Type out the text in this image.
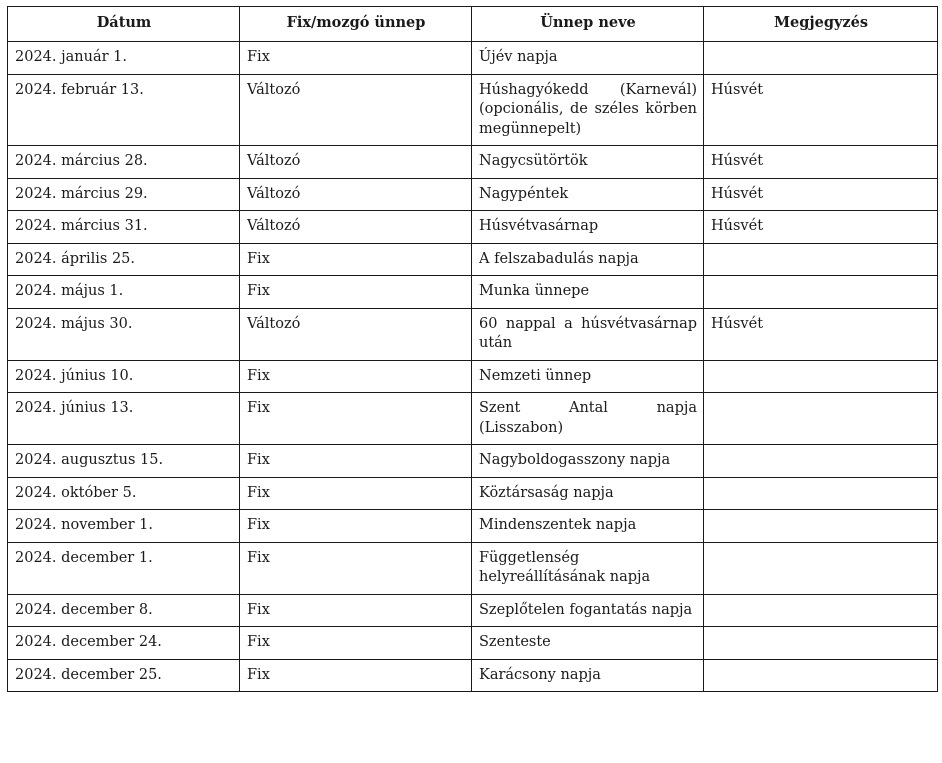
Dátum	Fix/mozgó ünnep	Ünnep neve	Megjegyzés
2024. január 1.	Fix	Újév napja	
2024. február 13.	Változó	Húshagyókedd (Karnevál) (opcionális, de széles körben megünnepelt)	Húsvét
2024. március 28.	Változó	Nagycsütörtök	Húsvét
2024. március 29.	Változó	Nagypéntek	Húsvét
2024. március 31.	Változó	Húsvétvasárnap	Húsvét
2024. április 25.	Fix	A felszabadulás napja	
2024. május 1.	Fix	Munka ünnepe	
2024. május 30.	Változó	60 nappal a húsvétvasárnap után	Húsvét
2024. június 10.	Fix	Nemzeti ünnep	
2024. június 13.	Fix	Szent Antal napja (Lisszabon)	
2024. augusztus 15.	Fix	Nagyboldogasszony napja	
2024. október 5.	Fix	Köztársaság napja	
2024. november 1.	Fix	Mindenszentek napja	
2024. december 1.	Fix	Függetlenség helyreállításának napja	
2024. december 8.	Fix	Szeplőtelen fogantatás napja	
2024. december 24.	Fix	Szenteste	
2024. december 25.	Fix	Karácsony napja	
